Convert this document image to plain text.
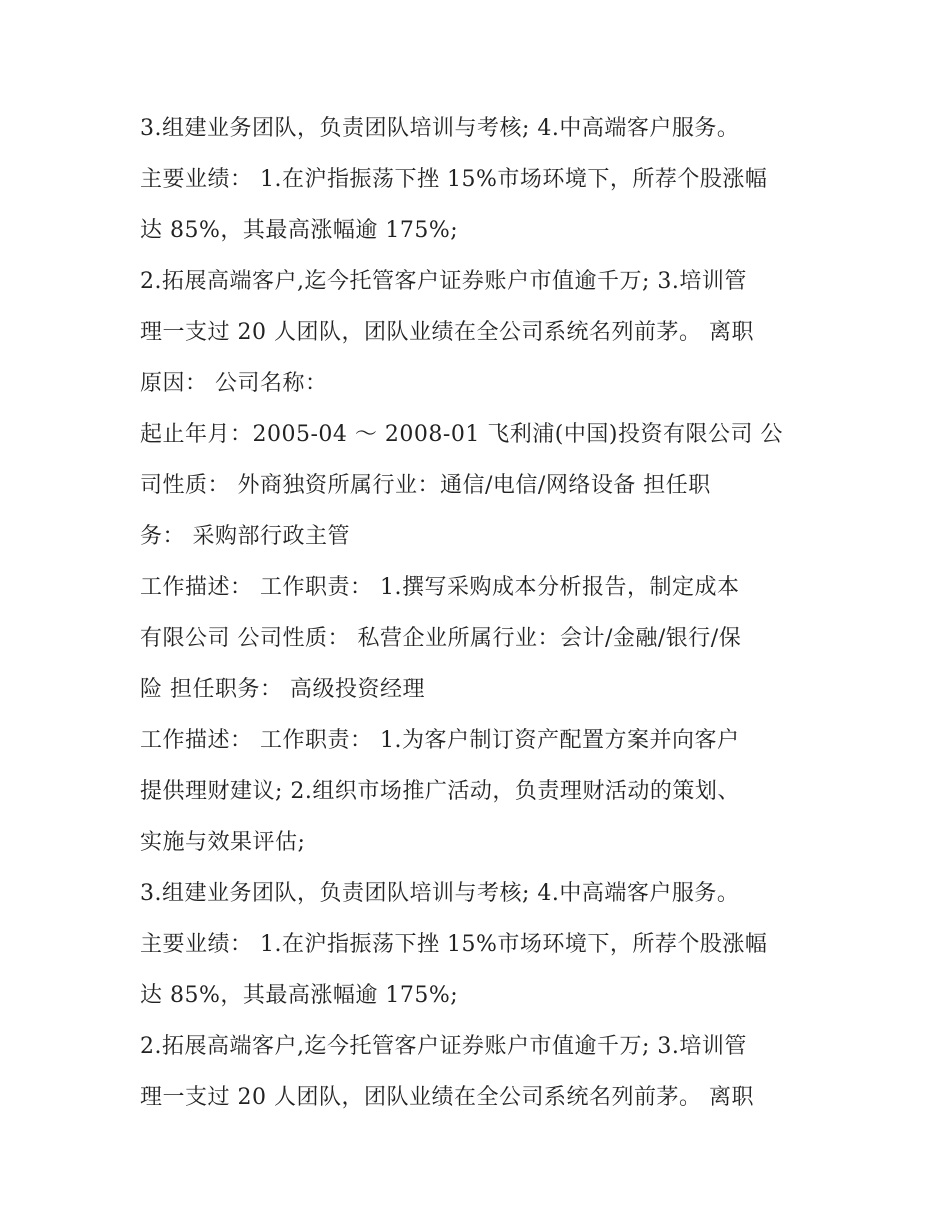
3.组建业务团队，负责团队培训与考核; 4.中高端客户服务。
主要业绩： 1.在沪指振荡下挫 15%市场环境下，所荐个股涨幅
达 85%，其最高涨幅逾 175%;
2.拓展高端客户,迄今托管客户证券账户市值逾千万; 3.培训管
理一支过 20 人团队，团队业绩在全公司系统名列前茅。 离职
原因： 公司名称：
起止年月：2005-04 ～ 2008-01 飞利浦(中国)投资有限公司 公
司性质： 外商独资所属行业：通信/电信/网络设备 担任职
务： 采购部行政主管
工作描述： 工作职责： 1.撰写采购成本分析报告，制定成本
有限公司 公司性质： 私营企业所属行业：会计/金融/银行/保
险 担任职务： 高级投资经理
工作描述： 工作职责： 1.为客户制订资产配置方案并向客户
提供理财建议; 2.组织市场推广活动，负责理财活动的策划、
实施与效果评估;
3.组建业务团队，负责团队培训与考核; 4.中高端客户服务。
主要业绩： 1.在沪指振荡下挫 15%市场环境下，所荐个股涨幅
达 85%，其最高涨幅逾 175%;
2.拓展高端客户,迄今托管客户证券账户市值逾千万; 3.培训管
理一支过 20 人团队，团队业绩在全公司系统名列前茅。 离职
